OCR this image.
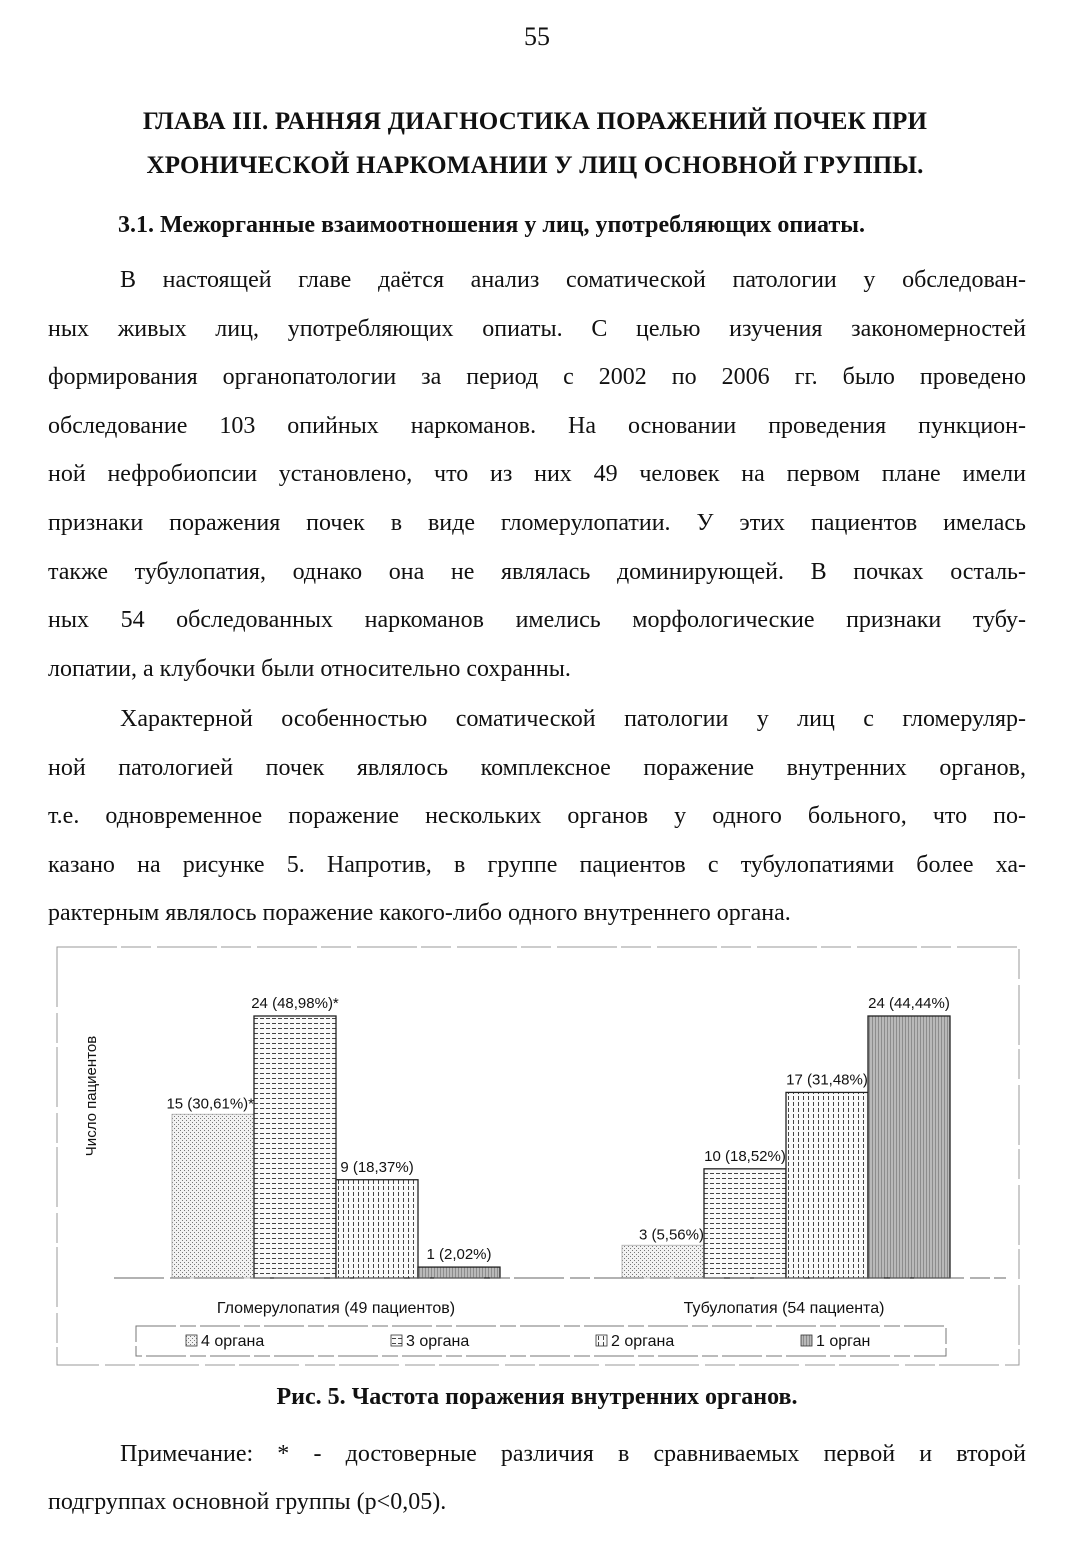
55
ГЛАВА III. РАННЯЯ ДИАГНОСТИКА ПОРАЖЕНИЙ ПОЧЕК ПРИ
ХРОНИЧЕСКОЙ НАРКОМАНИИ У ЛИЦ ОСНОВНОЙ ГРУППЫ.
3.1. Межорганные взаимоотношения у лиц, употребляющих опиаты.
В настоящей главе даётся анализ соматической патологии у обследован-
ных живых лиц, употребляющих опиаты. С целью изучения закономерностей
формирования органопатологии за период с 2002 по 2006 гг. было проведено
обследование 103 опийных наркоманов. На основании проведения пункцион-
ной нефробиопсии установлено, что из них 49 человек на первом плане имели
признаки поражения почек в виде гломерулопатии. У этих пациентов имелась
также тубулопатия, однако она не являлась доминирующей. В почках осталь-
ных 54 обследованных наркоманов имелись морфологические признаки тубу-
лопатии, а клубочки были относительно сохранны.
Характерной особенностью соматической патологии у лиц с гломеруляр-
ной патологией почек являлось комплексное поражение внутренних органов,
т.е. одновременное поражение нескольких органов у одного больного, что по-
казано на рисунке 5. Напротив, в группе пациентов с тубулопатиями более ха-
рактерным являлось поражение какого-либо одного внутреннего органа.
Число пациентов	15 (30,61%)*
24 (48,98%)*
9 (18,37%)
1 (2,02%)
3 (5,56%)
10 (18,52%)
17 (31,48%)
24 (44,44%)
Гломерулопатия (49 пациентов)	Тубулопатия (54 пациента)
4 органа	3 органа	2 органа	1 орган
Рис. 5. Частота поражения внутренних органов.
Примечание: * - достоверные различия в сравниваемых первой и второй
подгруппах основной группы (р<0,05).
